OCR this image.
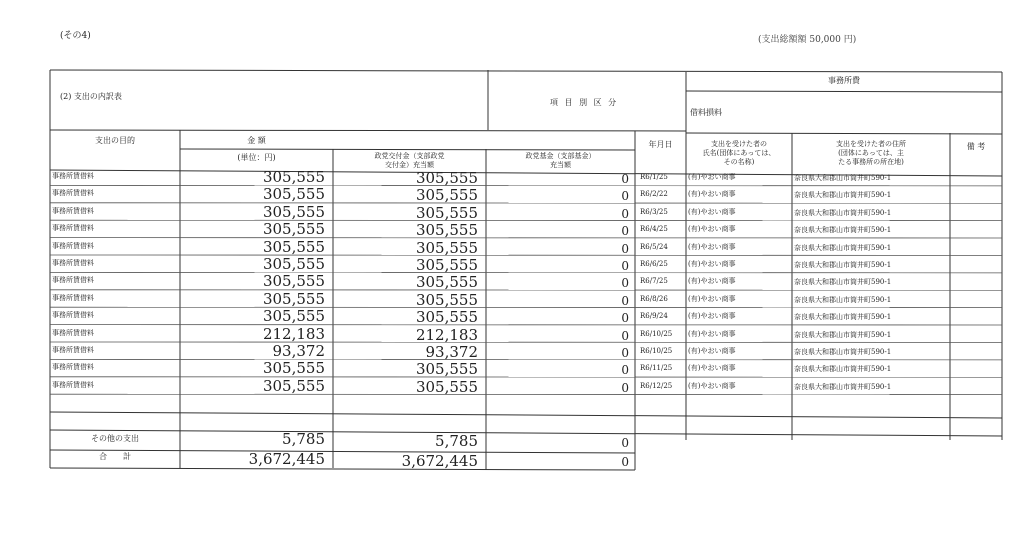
(その4)	(支出総額額 50,000 円)
(2) 支出の内訳表
項 目 別 区 分
事務所費
借料損料
支出の目的	金 額
(単位：円)	政党交付金（支部政党
交付金）充当額
政党基金（支部基金）
充当額
年月日	支出を受けた者の
氏名(団体にあっては、
その名称)
支出を受けた者の住所
(団体にあっては、主
たる事務所の所在地)
備 考
事務所賃借料	305,555	305,555	0 R6/1/25	(有)やおい商事	奈良県大和郡山市筒井町590-1
事務所賃借料	305,555	305,555	0 R6/2/22	(有)やおい商事	奈良県大和郡山市筒井町590-1
事務所賃借料	305,555	305,555	0 R6/3/25	(有)やおい商事	奈良県大和郡山市筒井町590-1
事務所賃借料	305,555	305,555	0 R6/4/25	(有)やおい商事	奈良県大和郡山市筒井町590-1
事務所賃借料	305,555	305,555	0 R6/5/24	(有)やおい商事	奈良県大和郡山市筒井町590-1
事務所賃借料	305,555	305,555	0 R6/6/25	(有)やおい商事	奈良県大和郡山市筒井町590-1
事務所賃借料	305,555	305,555	0 R6/7/25	(有)やおい商事	奈良県大和郡山市筒井町590-1
事務所賃借料	305,555	305,555	0 R6/8/26	(有)やおい商事	奈良県大和郡山市筒井町590-1
事務所賃借料	305,555	305,555	0 R6/9/24	(有)やおい商事	奈良県大和郡山市筒井町590-1
事務所賃借料	212,183	212,183	0 R6/10/25	(有)やおい商事	奈良県大和郡山市筒井町590-1
事務所賃借料	93,372	93,372	0 R6/10/25	(有)やおい商事	奈良県大和郡山市筒井町590-1
事務所賃借料	305,555	305,555	0 R6/11/25	(有)やおい商事	奈良県大和郡山市筒井町590-1
事務所賃借料	305,555	305,555	0 R6/12/25	(有)やおい商事	奈良県大和郡山市筒井町590-1
その他の支出	5,785	5,785	0
合　　計	3,672,445	3,672,445	0
